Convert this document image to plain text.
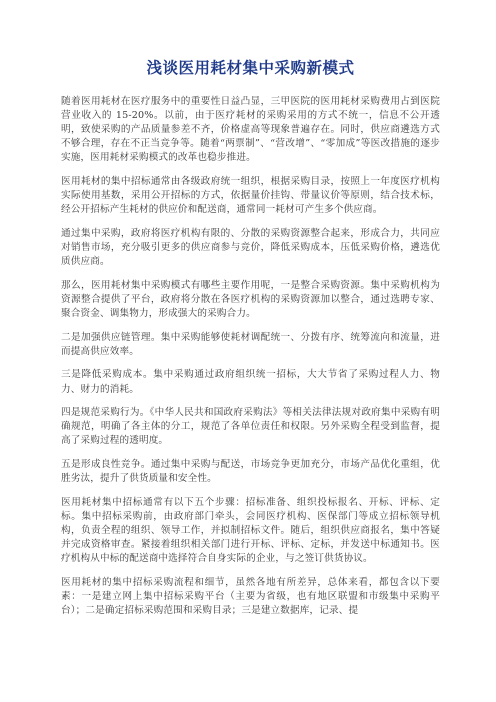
浅谈医用耗材集中采购新模式

随着医用耗材在医疗服务中的重要性日益凸显，三甲医院的医用耗材采购费用占到医院营业收入的 15-20%。以前，由于医疗耗材的采购采用的方式不统一，信息不公开透明，致使采购的产品质量参差不齐，价格虚高等现象普遍存在。同时，供应商遴选方式不够合理，存在不正当竞争等。随着“两票制”、“营改增”、“零加成”等医改措施的逐步实施，医用耗材采购模式的改革也稳步推进。

医用耗材的集中招标通常由各级政府统一组织，根据采购目录，按照上一年度医疗机构实际使用基数，采用公开招标的方式，依据量价挂钩、带量议价等原则，结合技术标，经公开招标产生耗材的供应价和配送商，通常同一耗材可产生多个供应商。

通过集中采购，政府将医疗机构有限的、分散的采购资源整合起来，形成合力，共同应对销售市场，充分吸引更多的供应商参与竞价，降低采购成本，压低采购价格，遴选优质供应商。

那么，医用耗材集中采购模式有哪些主要作用呢，一是整合采购资源。集中采购机构为资源整合提供了平台，政府将分散在各医疗机构的采购资源加以整合，通过选聘专家、聚合资金、调集物力，形成强大的采购合力。

二是加强供应链管理。集中采购能够使耗材调配统一、分拨有序、统筹流向和流量，进而提高供应效率。

三是降低采购成本。集中采购通过政府组织统一招标，大大节省了采购过程人力、物力、财力的消耗。

四是规范采购行为。《中华人民共和国政府采购法》等相关法律法规对政府集中采购有明确规范，明确了各主体的分工，规范了各单位责任和权限。另外采购全程受到监督，提高了采购过程的透明度。

五是形成良性竞争。通过集中采购与配送，市场竞争更加充分，市场产品优化重组，优胜劣汰，提升了供货质量和安全性。

医用耗材集中招标通常有以下五个步骤：招标准备、组织投标报名、开标、评标、定标。集中招标采购前，由政府部门牵头，会同医疗机构、医保部门等成立招标领导机构，负责全程的组织、领导工作，并拟制招标文件。随后，组织供应商报名，集中答疑并完成资格审查。紧接着组织相关部门进行开标、评标、定标，并发送中标通知书。医疗机构从中标的配送商中选择符合自身实际的企业，与之签订供货协议。

医用耗材的集中招标采购流程和细节，虽然各地有所差异，总体来看，都包含以下要素：一是建立网上集中招标采购平台（主要为省级，也有地区联盟和市级集中采购平台）；二是确定招标采购范围和采购目录；三是建立数据库，记录、提
